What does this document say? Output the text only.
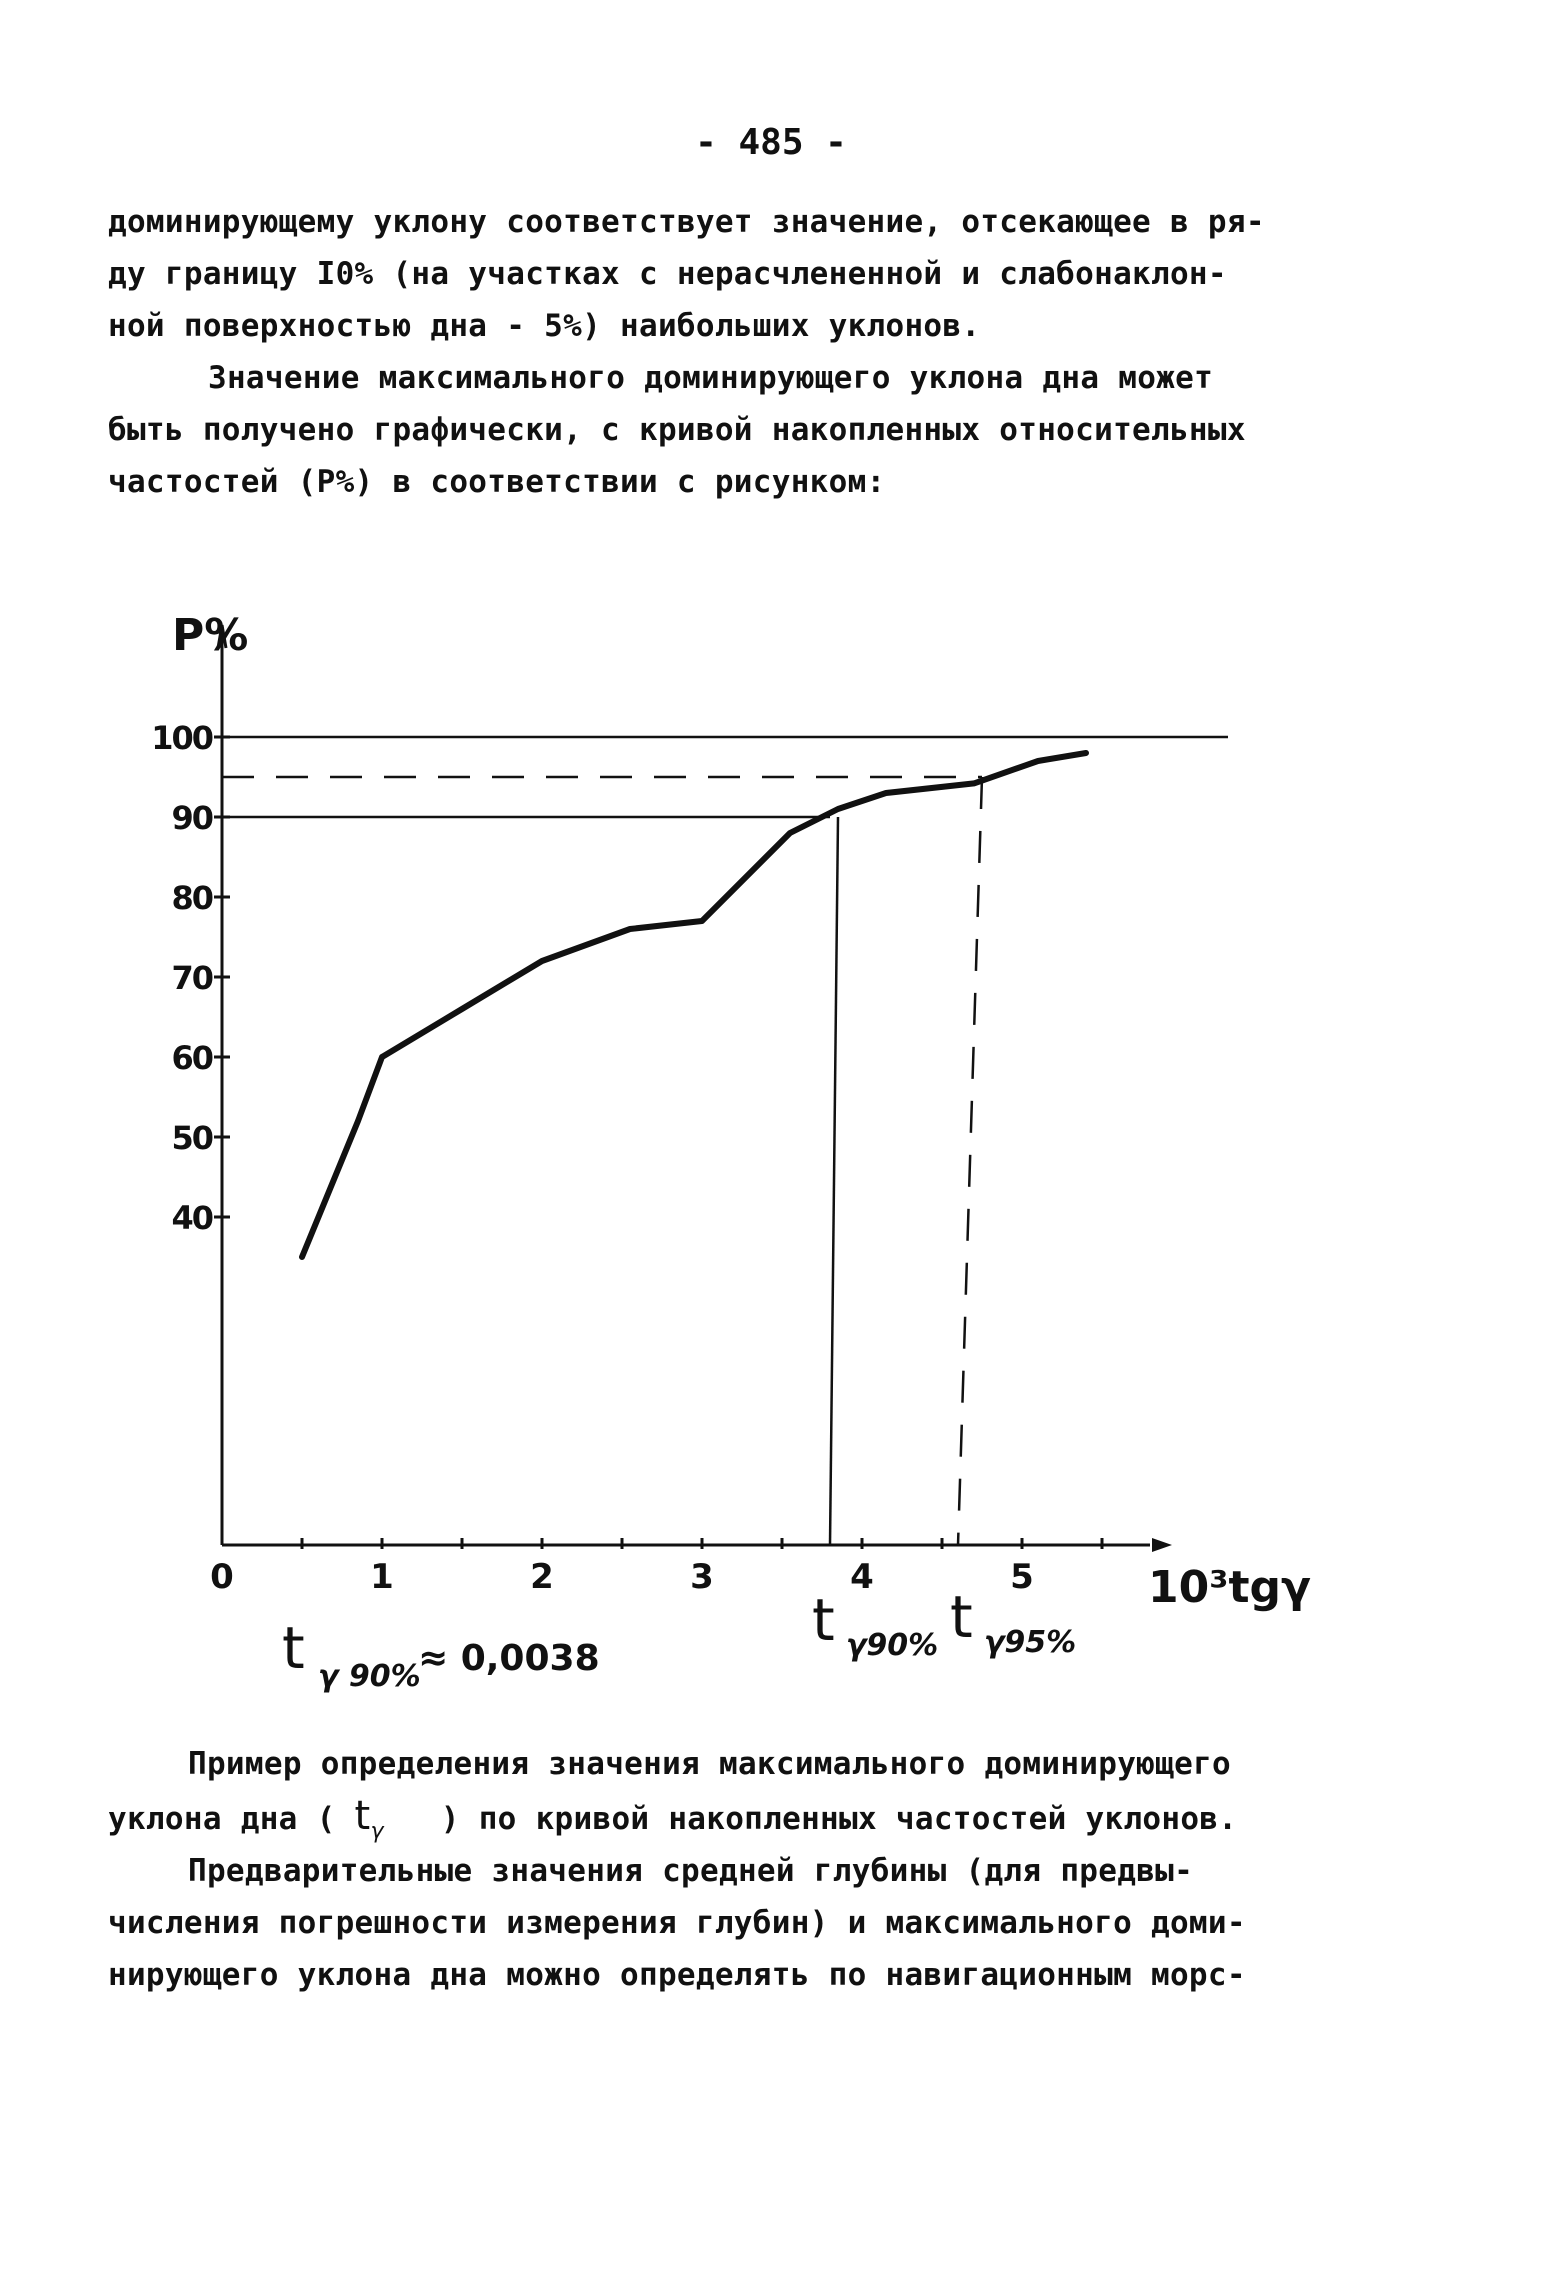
- 485 -
доминирующему уклону соответствует значение, отсекающее в ря-
ду границу I0% (на участках с нерасчлененной и слабонаклон-
ной поверхностью дна - 5%) наибольших уклонов.
Значение максимального доминирующего уклона дна может
быть получено графически, с кривой накопленных относительных
частостей (P%) в соответствии с рисунком:
P%
10³tgγ
100
90
80
70
60
50
40
0	1	2	3	4	5
t γ 90%
≈ 0,0038
t γ90% t γ95%
Пример определения значения максимального доминирующего
уклона дна ( $t_\gamma$ ) по кривой накопленных частостей уклонов.
Предварительные значения средней глубины (для предвы-
числения погрешности измерения глубин) и максимального доми-
нирующего уклона дна можно определять по навигационным морс-
